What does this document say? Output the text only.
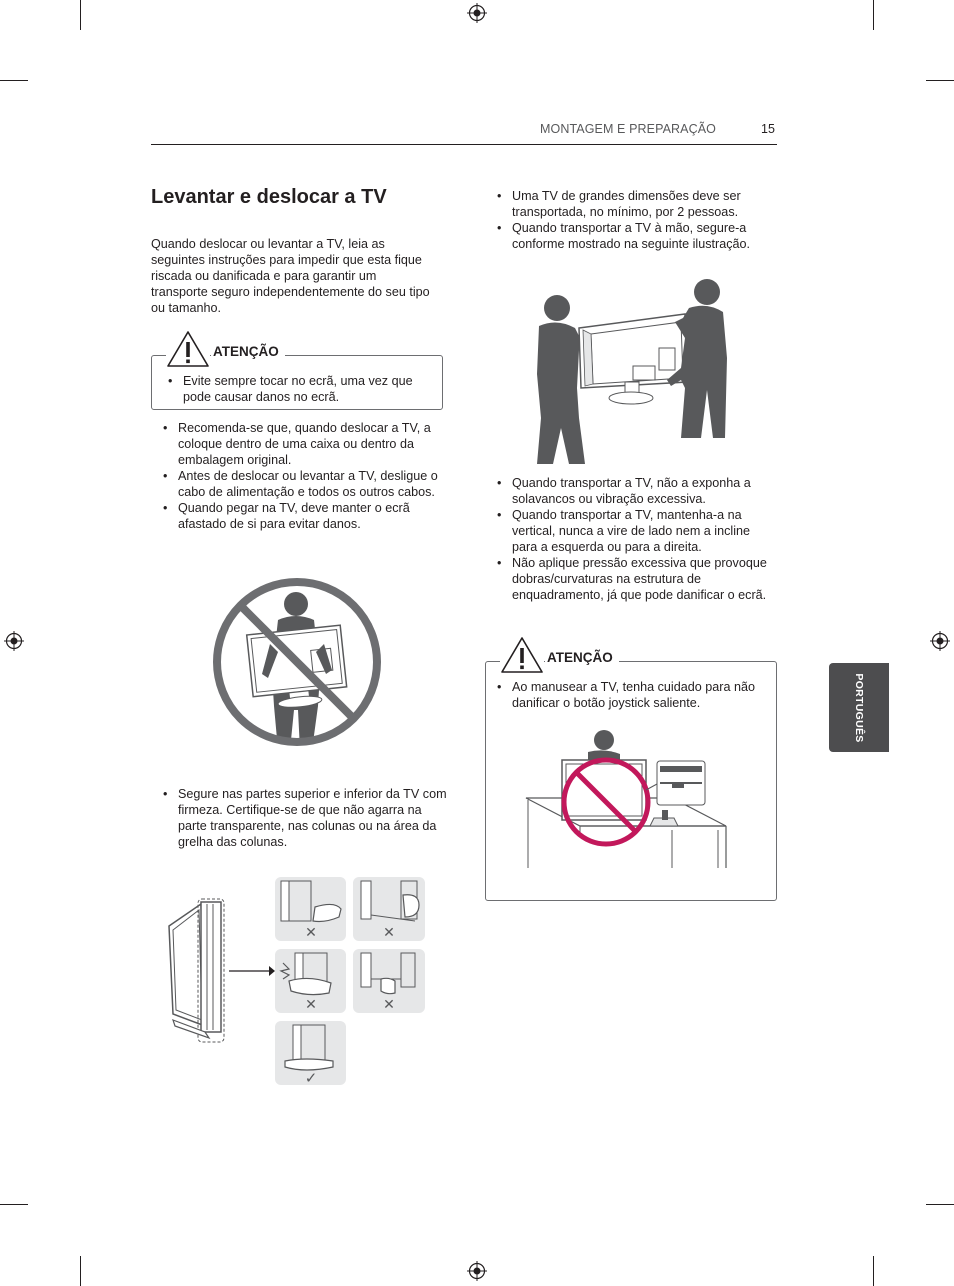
MONTAGEM E PREPARAÇÃO	15
PORTUGUÊS
Levantar e deslocar a TV
Quando deslocar ou levantar a TV, leia as seguintes instruções para impedir que esta fique riscada ou danificada e para garantir um transporte seguro independentemente do seu tipo ou tamanho.
ATENÇÃO
• Evite sempre tocar no ecrã, uma vez que pode causar danos no ecrã.
• Recomenda-se que, quando deslocar a TV, a coloque dentro de uma caixa ou dentro da embalagem original.
• Antes de deslocar ou levantar a TV, desligue o cabo de alimentação e todos os outros cabos.
• Quando pegar na TV, deve manter o ecrã afastado de si para evitar danos.
• Segure nas partes superior e inferior da TV com firmeza. Certifique-se de que não agarra na parte transparente, nas colunas ou na área da grelha das colunas.
✕	✕
✕	✕
✓
• Uma TV de grandes dimensões deve ser transportada, no mínimo, por 2 pessoas.
• Quando transportar a TV à mão, segure-a conforme mostrado na seguinte ilustração.
• Quando transportar a TV, não a exponha a solavancos ou vibração excessiva.
• Quando transportar a TV, mantenha-a na vertical, nunca a vire de lado nem a incline para a esquerda ou para a direita.
• Não aplique pressão excessiva que provoque dobras/curvaturas na estrutura de enquadramento, já que pode danificar o ecrã.
ATENÇÃO
• Ao manusear a TV, tenha cuidado para não danificar o botão joystick saliente.
